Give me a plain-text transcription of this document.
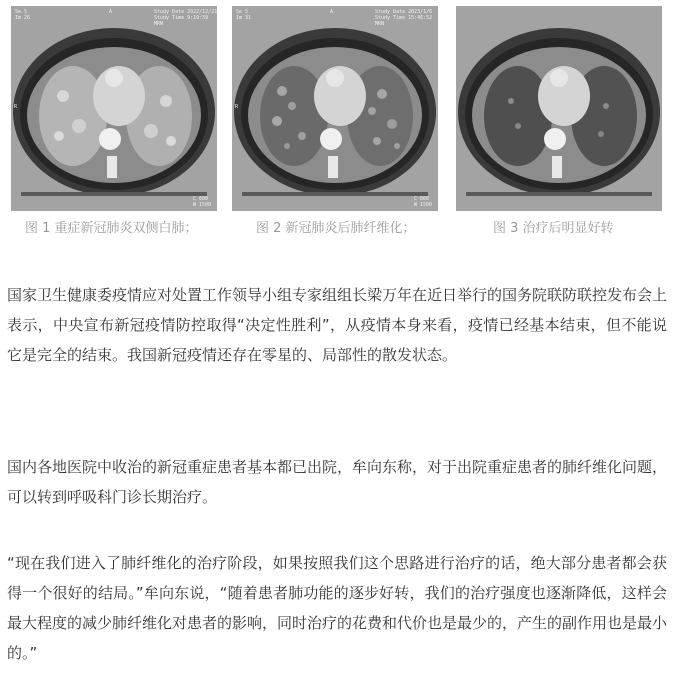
Se 5
Im 26
A	Study Date 2022/12/21
Study Time 9:19:59
MRN
R
C 600
W 1500
Se 5
Im 31
A	Study Date 2023/1/6
Study Time 15:46:52
MRN
R
C 600
W 1500
图 1 重症新冠肺炎双侧白肺；	图 2 新冠肺炎后肺纤维化；	图 3 治疗后明显好转

国家卫生健康委疫情应对处置工作领导小组专家组组长梁万年在近日举行的国务院联防联控发布会上表示，中央宣布新冠疫情防控取得“决定性胜利”，从疫情本身来看，疫情已经基本结束，但不能说它是完全的结束。我国新冠疫情还存在零星的、局部性的散发状态。

国内各地医院中收治的新冠重症患者基本都已出院，牟向东称，对于出院重症患者的肺纤维化问题，可以转到呼吸科门诊长期治疗。

“现在我们进入了肺纤维化的治疗阶段，如果按照我们这个思路进行治疗的话，绝大部分患者都会获得一个很好的结局。”牟向东说，“随着患者肺功能的逐步好转，我们的治疗强度也逐渐降低，这样会最大程度的减少肺纤维化对患者的影响，同时治疗的花费和代价也是最少的，产生的副作用也是最小的。”
